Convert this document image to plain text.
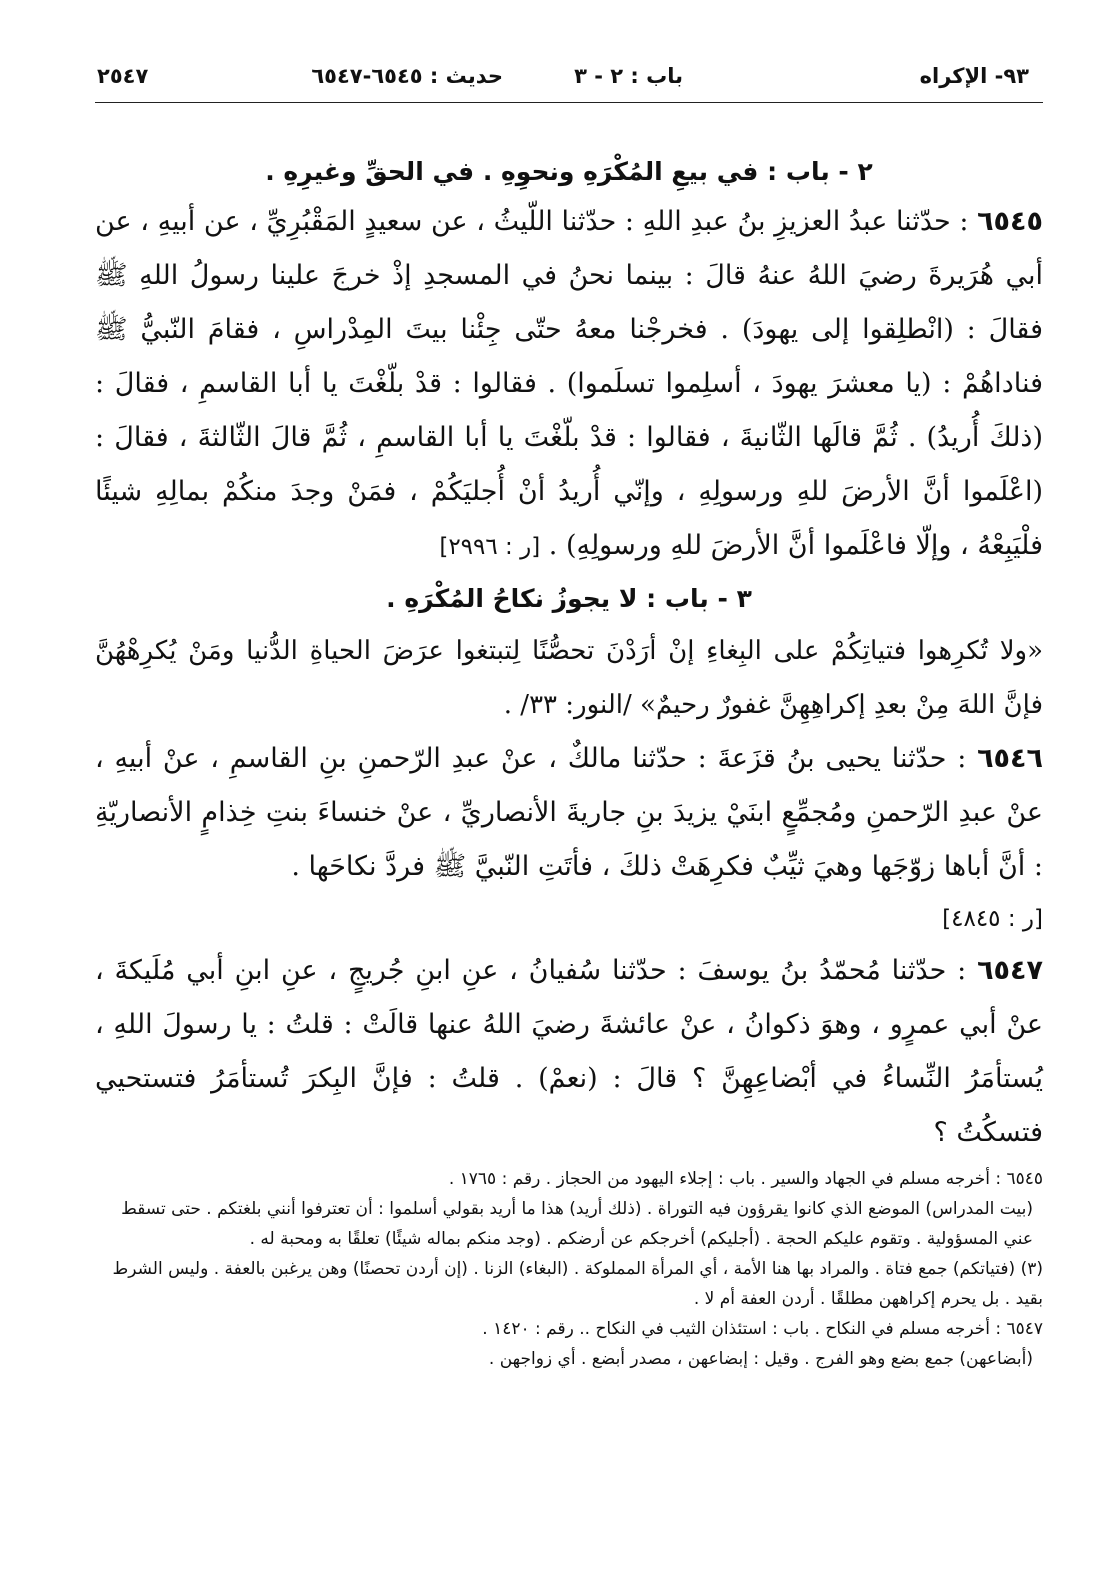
٩٣- الإكراه
باب : ٢ - ٣
حديث : ٦٥٤٥-٦٥٤٧
٢٥٤٧
٢ - باب : في بيعِ المُكْرَهِ ونحوِهِ . في الحقِّ وغيرِهِ .

٦٥٤٥ : حدّثنا عبدُ العزيزِ بنُ عبدِ اللهِ : حدّثنا اللّيثُ ، عن سعيدٍ المَقْبُرِيِّ ، عن أبيهِ ، عن أبي هُرَيرةَ رضيَ اللهُ عنهُ قالَ : بينما نحنُ في المسجدِ إذْ خرجَ علينا رسولُ اللهِ ﷺ فقالَ : (انْطلِقوا إلى يهودَ) . فخرجْنا معهُ حتّى جِئْنا بيتَ المِدْراسِ ، فقامَ النّبيُّ ﷺ فناداهُمْ : (يا معشرَ يهودَ ، أسلِموا تسلَموا) . فقالوا : قدْ بلّغْتَ يا أبا القاسمِ ، فقالَ : (ذلكَ أُريدُ) . ثُمَّ قالَها الثّانيةَ ، فقالوا : قدْ بلّغْتَ يا أبا القاسمِ ، ثُمَّ قالَ الثّالثةَ ، فقالَ : (اعْلَموا أنَّ الأرضَ للهِ ورسولِهِ ، وإنّي أُريدُ أنْ أُجليَكُمْ ، فمَنْ وجدَ منكُمْ بمالِهِ شيئًا فلْيَبِعْهُ ، وإلّا فاعْلَموا أنَّ الأرضَ للهِ ورسولِهِ) . [ر : ٢٩٩٦]

٣ - باب : لا يجوزُ نكاحُ المُكْرَهِ .

«ولا تُكرِهوا فتياتِكُمْ على البِغاءِ إنْ أرَدْنَ تحصُّنًا لِتبتغوا عرَضَ الحياةِ الدُّنيا ومَنْ يُكرِهْهُنَّ فإنَّ اللهَ مِنْ بعدِ إكراهِهِنَّ غفورٌ رحيمٌ» /النور: ٣٣/ .

٦٥٤٦ : حدّثنا يحيى بنُ قزَعةَ : حدّثنا مالكٌ ، عنْ عبدِ الرّحمنِ بنِ القاسمِ ، عنْ أبيهِ ، عنْ عبدِ الرّحمنِ ومُجمِّعٍ ابنَيْ يزيدَ بنِ جاريةَ الأنصاريِّ ، عنْ خنساءَ بنتِ خِذامٍ الأنصاريّةِ : أنَّ أباها زوّجَها وهيَ ثيِّبٌ فكرِهَتْ ذلكَ ، فأتَتِ النّبيَّ ﷺ فردَّ نكاحَها .

[ر : ٤٨٤٥]

٦٥٤٧ : حدّثنا مُحمّدُ بنُ يوسفَ : حدّثنا سُفيانُ ، عنِ ابنِ جُريجٍ ، عنِ ابنِ أبي مُلَيكةَ ، عنْ أبي عمرٍو ، وهوَ ذكوانُ ، عنْ عائشةَ رضيَ اللهُ عنها قالَتْ : قلتُ : يا رسولَ اللهِ ، يُستأمَرُ النِّساءُ في أبْضاعِهِنَّ ؟ قالَ : (نعمْ) . قلتُ : فإنَّ البِكرَ تُستأمَرُ فتستحيي فتسكُتُ ؟

٦٥٤٥ : أخرجه مسلم في الجهاد والسير . باب : إجلاء اليهود من الحجاز . رقم : ١٧٦٥ .

(بيت المدراس) الموضع الذي كانوا يقرؤون فيه التوراة . (ذلك أريد) هذا ما أريد بقولي أسلموا : أن تعترفوا أنني بلغتكم . حتى تسقط عني المسؤولية . وتقوم عليكم الحجة . (أجليكم) أخرجكم عن أرضكم . (وجد منكم بماله شيئًا) تعلقًا به ومحبة له .

(٣) (فتياتكم) جمع فتاة . والمراد بها هنا الأمة ، أي المرأة المملوكة . (البغاء) الزنا . (إن أردن تحصنًا) وهن يرغبن بالعفة . وليس الشرط بقيد . بل يحرم إكراههن مطلقًا . أردن العفة أم لا .

٦٥٤٧ : أخرجه مسلم في النكاح . باب : استئذان الثيب في النكاح .. رقم : ١٤٢٠ .

(أبضاعهن) جمع بضع وهو الفرج . وقيل : إبضاعهن ، مصدر أبضع . أي زواجهن .
